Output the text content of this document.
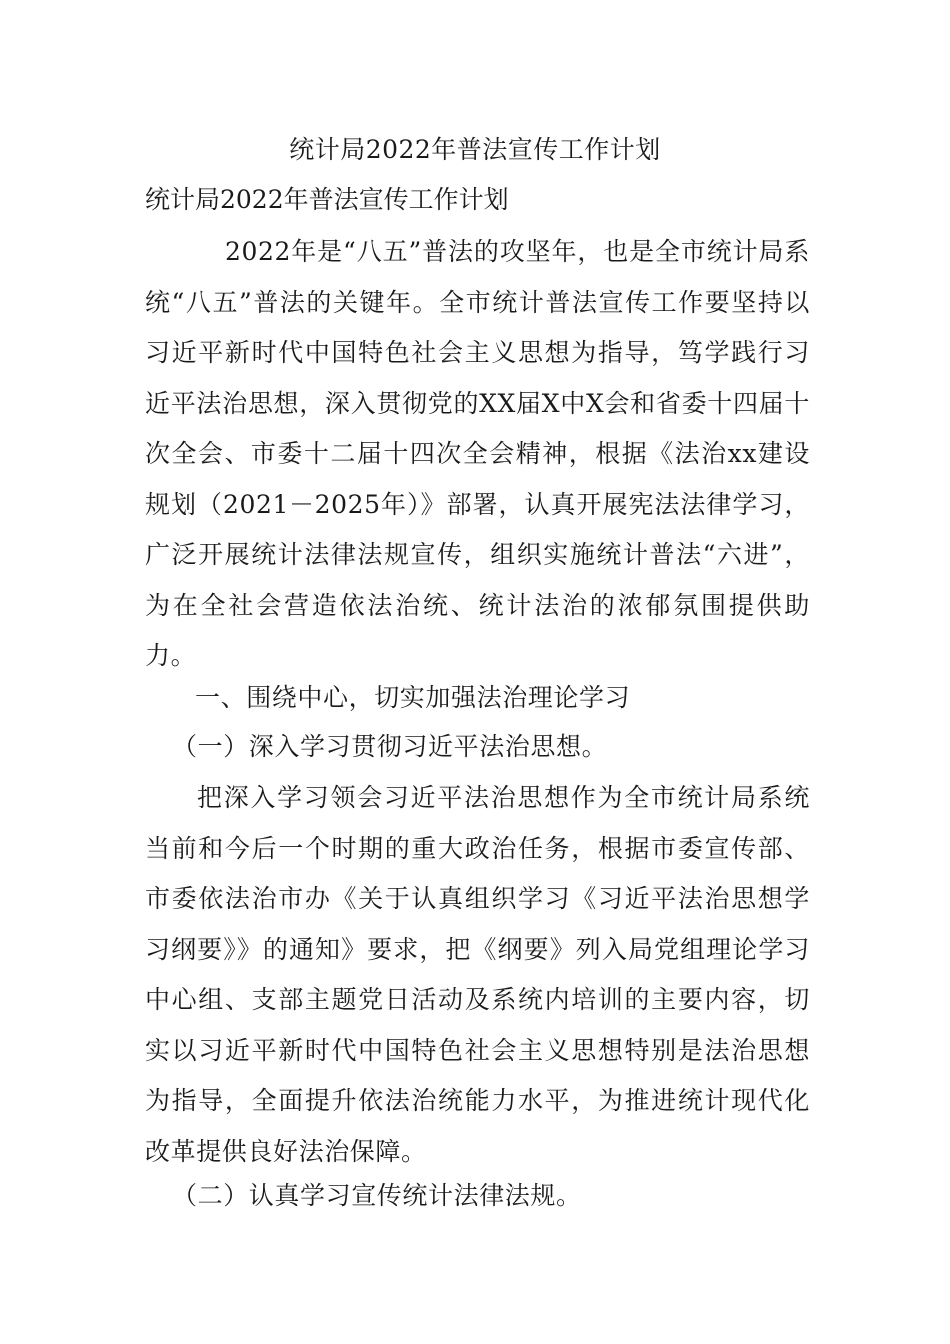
统计局2022年普法宣传工作计划

统计局2022年普法宣传工作计划

2022年是“八五”普法的攻坚年，也是全市统计局系统“八五”普法的关键年。全市统计普法宣传工作要坚持以习近平新时代中国特色社会主义思想为指导，笃学践行习近平法治思想，深入贯彻党的XX届X中X会和省委十四届十次全会、市委十二届十四次全会精神，根据《法治xx建设规划（2021－2025年）》部署，认真开展宪法法律学习，广泛开展统计法律法规宣传，组织实施统计普法“六进”，为在全社会营造依法治统、统计法治的浓郁氛围提供助力。

一、围绕中心，切实加强法治理论学习

（一）深入学习贯彻习近平法治思想。

把深入学习领会习近平法治思想作为全市统计局系统当前和今后一个时期的重大政治任务，根据市委宣传部、市委依法治市办《关于认真组织学习《习近平法治思想学习纲要》》的通知》要求，把《纲要》列入局党组理论学习中心组、支部主题党日活动及系统内培训的主要内容，切实以习近平新时代中国特色社会主义思想特别是法治思想为指导，全面提升依法治统能力水平，为推进统计现代化改革提供良好法治保障。

（二）认真学习宣传统计法律法规。
